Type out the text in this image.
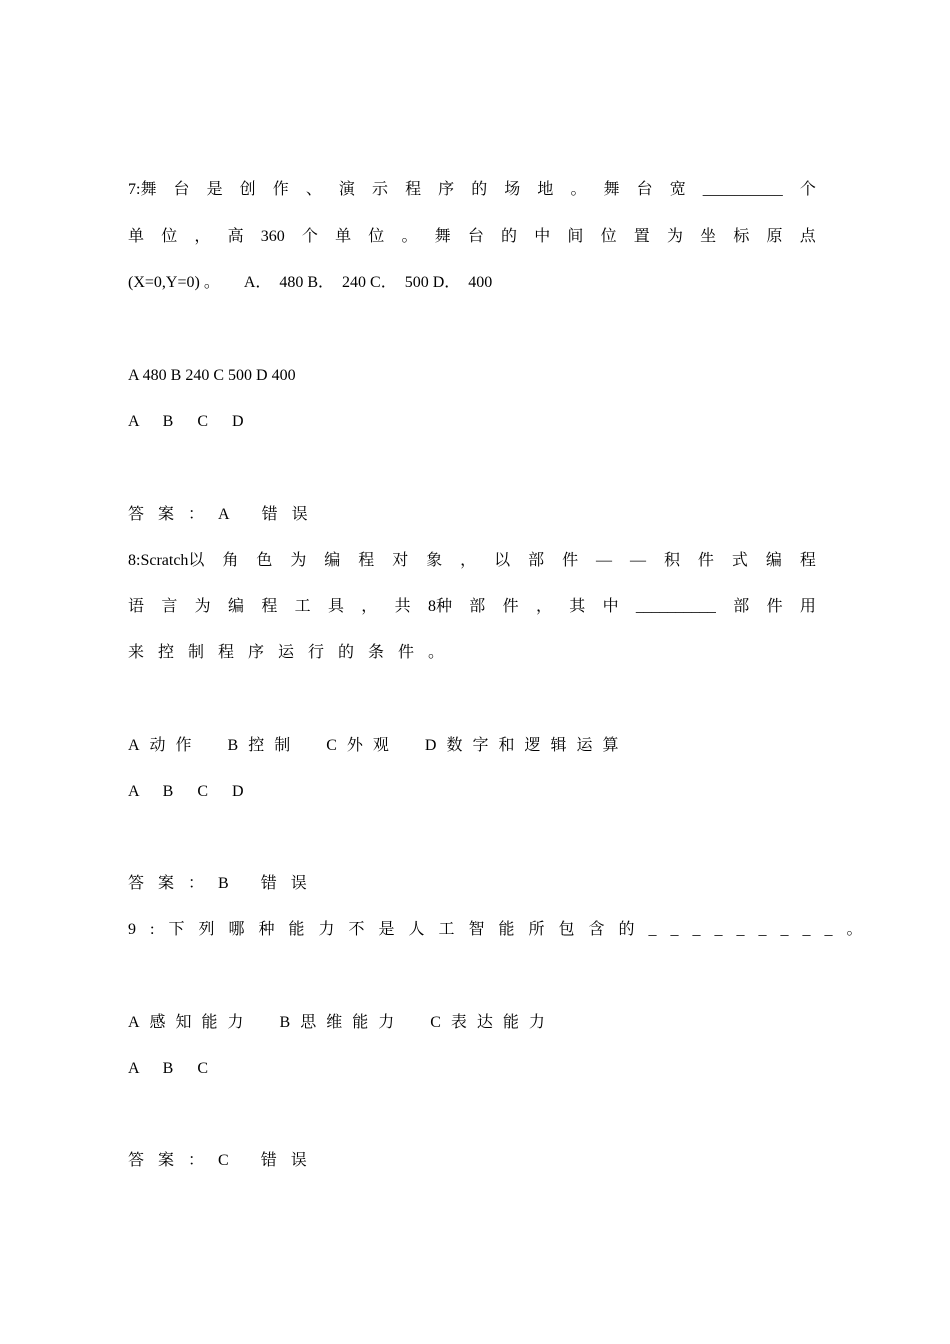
7:舞 台 是 创 作 、 演 示 程 序 的 场 地 。 舞 台 宽 __________ 个
单 位 ， 高 360 个 单 位 。 舞 台 的 中 间 位 置 为 坐 标 原 点
(X=0,Y=0) 。　　A．　480 B．　240 C．　500 D．　400
A 480 B 240 C 500 D 400
A B C D
答案：A 错误
8:Scratch以 角 色 为 编 程 对 象 ， 以 部 件 — — 积 件 式 编 程
语 言 为 编 程 工 具 ， 共 8种 部 件 ， 其 中 __________ 部 件 用
来控制程序运行的条件。
A动作　B控制　C外观　D数字和逻辑运算
A B C D
答案：B 错误
9:下列哪种能力不是人工智能所包含的_________。
A感知能力　B思维能力　C表达能力
A B C
答案：C 错误
